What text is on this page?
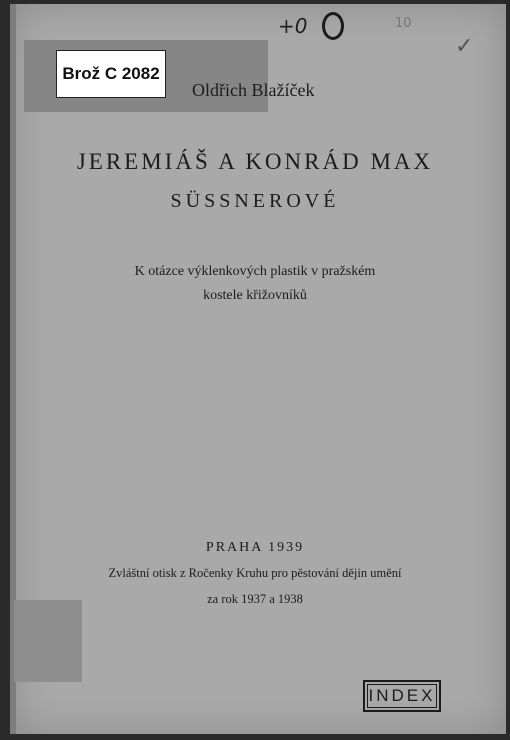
Brož C 2082
+0	10
✓
Oldřich Blažíček
JEREMIÁŠ A KONRÁD MAX
SÜSSNEROVÉ
K otázce výklenkových plastik v pražském
kostele křižovníků
PRAHA 1939
Zvláštní otisk z Ročenky Kruhu pro pěstování dějin umění
za rok 1937 a 1938
INDEX
